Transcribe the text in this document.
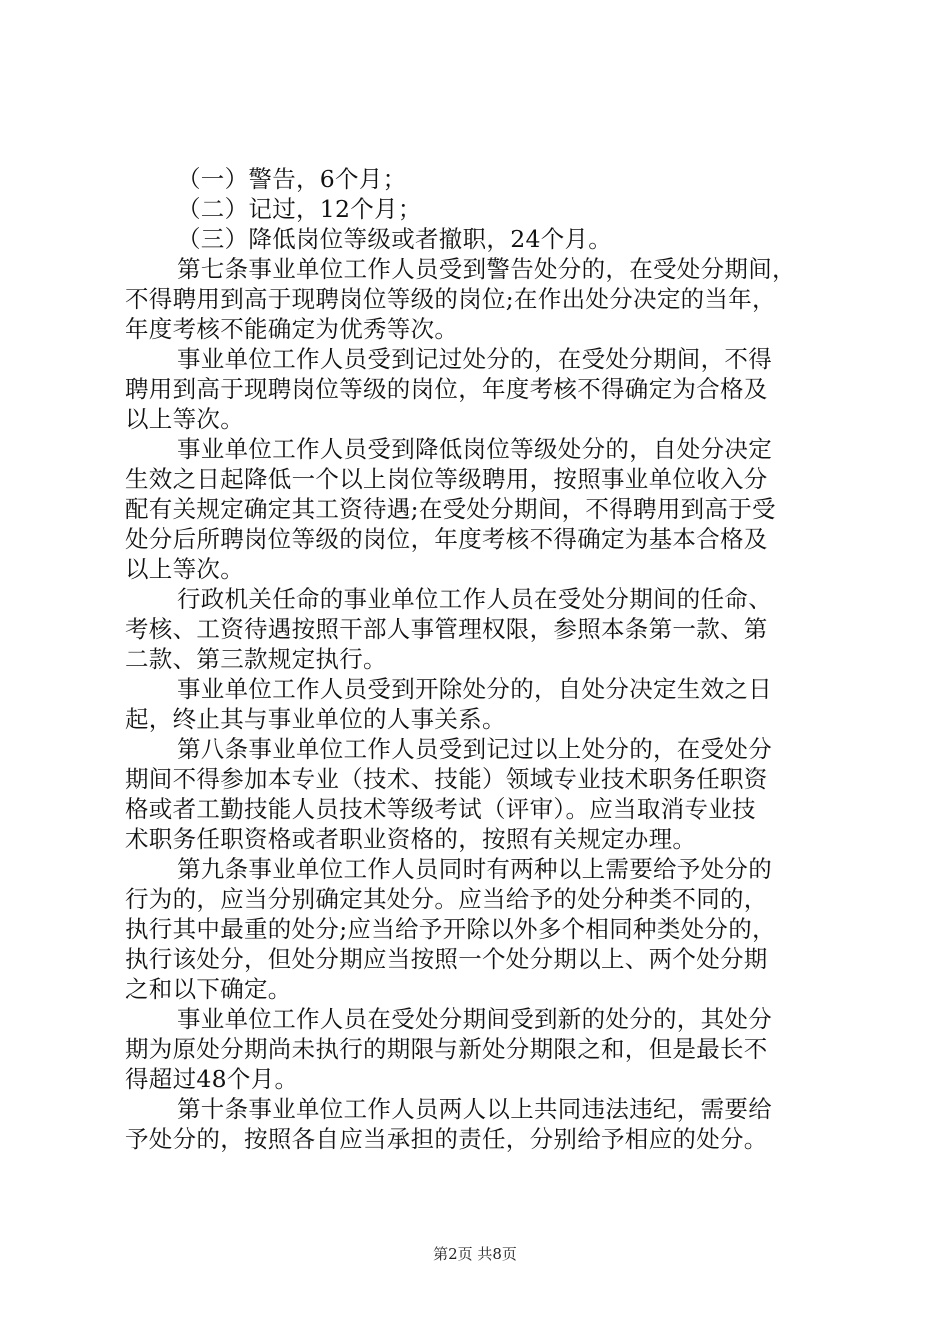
（一）警告，6个月；
（二）记过，12个月；
（三）降低岗位等级或者撤职，24个月。
第七条事业单位工作人员受到警告处分的，在受处分期间，
不得聘用到高于现聘岗位等级的岗位;在作出处分决定的当年，
年度考核不能确定为优秀等次。
事业单位工作人员受到记过处分的，在受处分期间，不得
聘用到高于现聘岗位等级的岗位，年度考核不得确定为合格及
以上等次。
事业单位工作人员受到降低岗位等级处分的，自处分决定
生效之日起降低一个以上岗位等级聘用，按照事业单位收入分
配有关规定确定其工资待遇;在受处分期间，不得聘用到高于受
处分后所聘岗位等级的岗位，年度考核不得确定为基本合格及
以上等次。
行政机关任命的事业单位工作人员在受处分期间的任命、
考核、工资待遇按照干部人事管理权限，参照本条第一款、第
二款、第三款规定执行。
事业单位工作人员受到开除处分的，自处分决定生效之日
起，终止其与事业单位的人事关系。
第八条事业单位工作人员受到记过以上处分的，在受处分
期间不得参加本专业（技术、技能）领域专业技术职务任职资
格或者工勤技能人员技术等级考试（评审）。应当取消专业技
术职务任职资格或者职业资格的，按照有关规定办理。
第九条事业单位工作人员同时有两种以上需要给予处分的
行为的，应当分别确定其处分。应当给予的处分种类不同的，
执行其中最重的处分;应当给予开除以外多个相同种类处分的，
执行该处分，但处分期应当按照一个处分期以上、两个处分期
之和以下确定。
事业单位工作人员在受处分期间受到新的处分的，其处分
期为原处分期尚未执行的期限与新处分期限之和，但是最长不
得超过48个月。
第十条事业单位工作人员两人以上共同违法违纪，需要给
予处分的，按照各自应当承担的责任，分别给予相应的处分。
第2页 共8页
